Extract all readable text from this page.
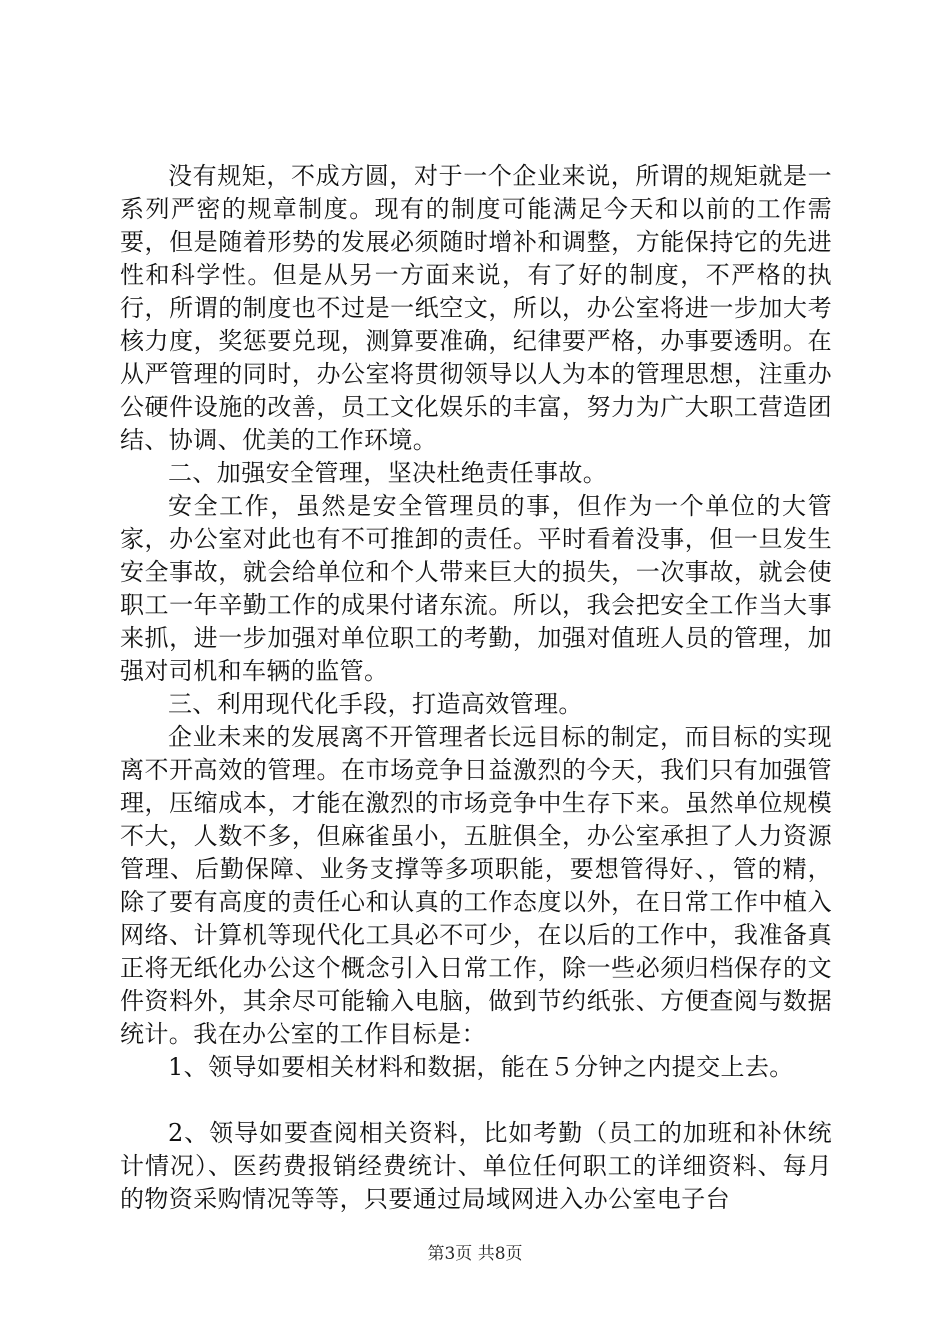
没有规矩，不成方圆，对于一个企业来说，所谓的规矩就是一系列严密的规章制度。现有的制度可能满足今天和以前的工作需要，但是随着形势的发展必须随时增补和调整，方能保持它的先进性和科学性。但是从另一方面来说，有了好的制度，不严格的执行，所谓的制度也不过是一纸空文，所以，办公室将进一步加大考核力度，奖惩要兑现，测算要准确，纪律要严格，办事要透明。在从严管理的同时，办公室将贯彻领导以人为本的管理思想，注重办公硬件设施的改善，员工文化娱乐的丰富，努力为广大职工营造团结、协调、优美的工作环境。

二、加强安全管理，坚决杜绝责任事故。

安全工作，虽然是安全管理员的事，但作为一个单位的大管家，办公室对此也有不可推卸的责任。平时看着没事，但一旦发生安全事故，就会给单位和个人带来巨大的损失，一次事故，就会使职工一年辛勤工作的成果付诸东流。所以，我会把安全工作当大事来抓，进一步加强对单位职工的考勤，加强对值班人员的管理，加强对司机和车辆的监管。

三、利用现代化手段，打造高效管理。

企业未来的发展离不开管理者长远目标的制定，而目标的实现离不开高效的管理。在市场竞争日益激烈的今天，我们只有加强管理，压缩成本，才能在激烈的市场竞争中生存下来。虽然单位规模不大，人数不多，但麻雀虽小，五脏俱全，办公室承担了人力资源管理、后勤保障、业务支撑等多项职能，要想管得好、，管的精，除了要有高度的责任心和认真的工作态度以外，在日常工作中植入网络、计算机等现代化工具必不可少，在以后的工作中，我准备真正将无纸化办公这个概念引入日常工作，除一些必须归档保存的文件资料外，其余尽可能输入电脑，做到节约纸张、方便查阅与数据统计。我在办公室的工作目标是：

1、领导如要相关材料和数据，能在５分钟之内提交上去。

2、领导如要查阅相关资料，比如考勤（员工的加班和补休统计情况）、医药费报销经费统计、单位任何职工的详细资料、每月的物资采购情况等等，只要通过局域网进入办公室电子台

第3页 共8页
